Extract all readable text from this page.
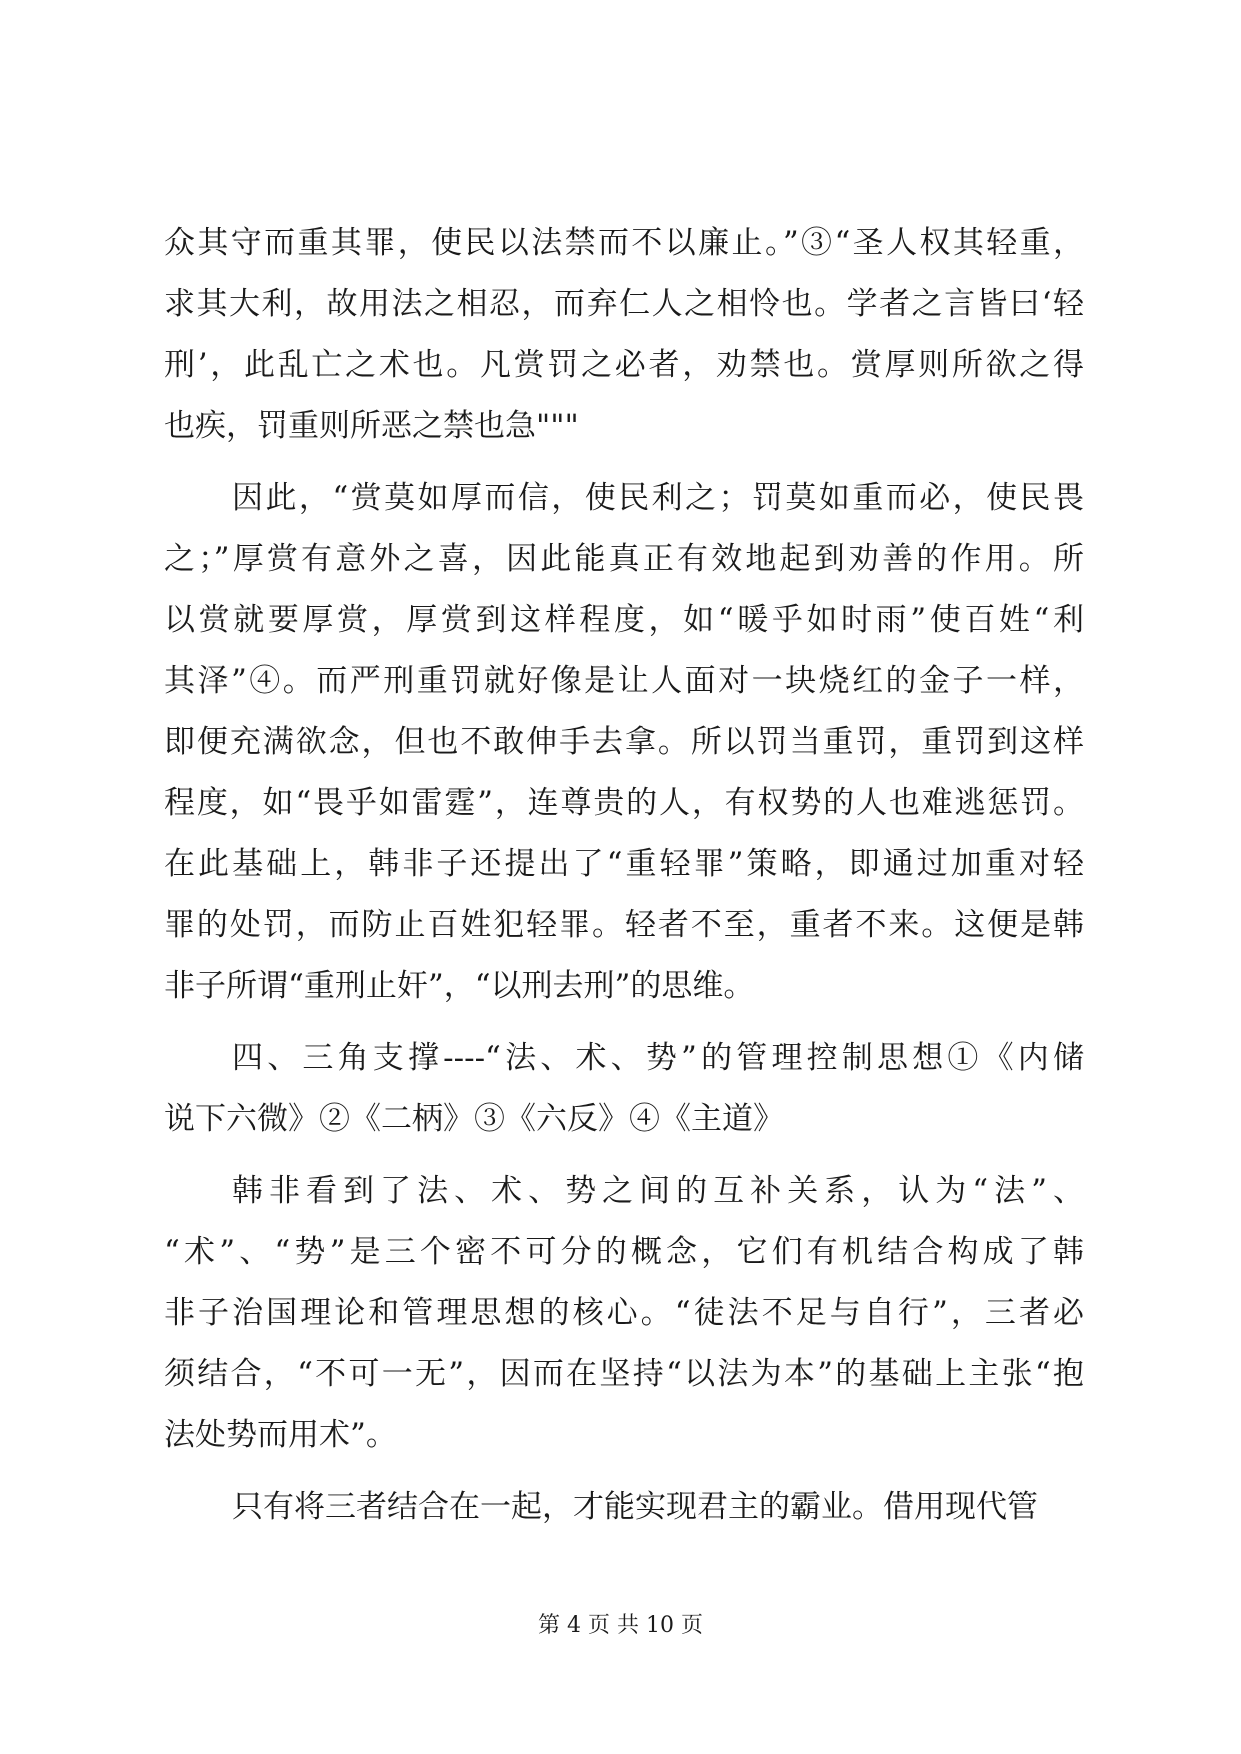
众其守而重其罪，使民以法禁而不以廉止。”③“圣人权其轻重，
求其大利，故用法之相忍，而弃仁人之相怜也。学者之言皆曰‘轻
刑’，此乱亡之术也。凡赏罚之必者，劝禁也。赏厚则所欲之得
也疾，罚重则所恶之禁也急"""
因此，“赏莫如厚而信，使民利之；罚莫如重而必，使民畏
之；”厚赏有意外之喜，因此能真正有效地起到劝善的作用。所
以赏就要厚赏，厚赏到这样程度，如“暖乎如时雨”使百姓“利
其泽”④。而严刑重罚就好像是让人面对一块烧红的金子一样，
即便充满欲念，但也不敢伸手去拿。所以罚当重罚，重罚到这样
程度，如“畏乎如雷霆”，连尊贵的人，有权势的人也难逃惩罚。
在此基础上，韩非子还提出了“重轻罪”策略，即通过加重对轻
罪的处罚，而防止百姓犯轻罪。轻者不至，重者不来。这便是韩
非子所谓“重刑止奸”，“以刑去刑”的思维。
四、三角支撑----“法、术、势”的管理控制思想①《内储
说下六微》②《二柄》③《六反》④《主道》
韩非看到了法、术、势之间的互补关系，认为“法”、
“术”、“势”是三个密不可分的概念，它们有机结合构成了韩
非子治国理论和管理思想的核心。“徒法不足与自行”，三者必
须结合，“不可一无”，因而在坚持“以法为本”的基础上主张“抱
法处势而用术”。
只有将三者结合在一起，才能实现君主的霸业。借用现代管
第 4 页 共 10 页
